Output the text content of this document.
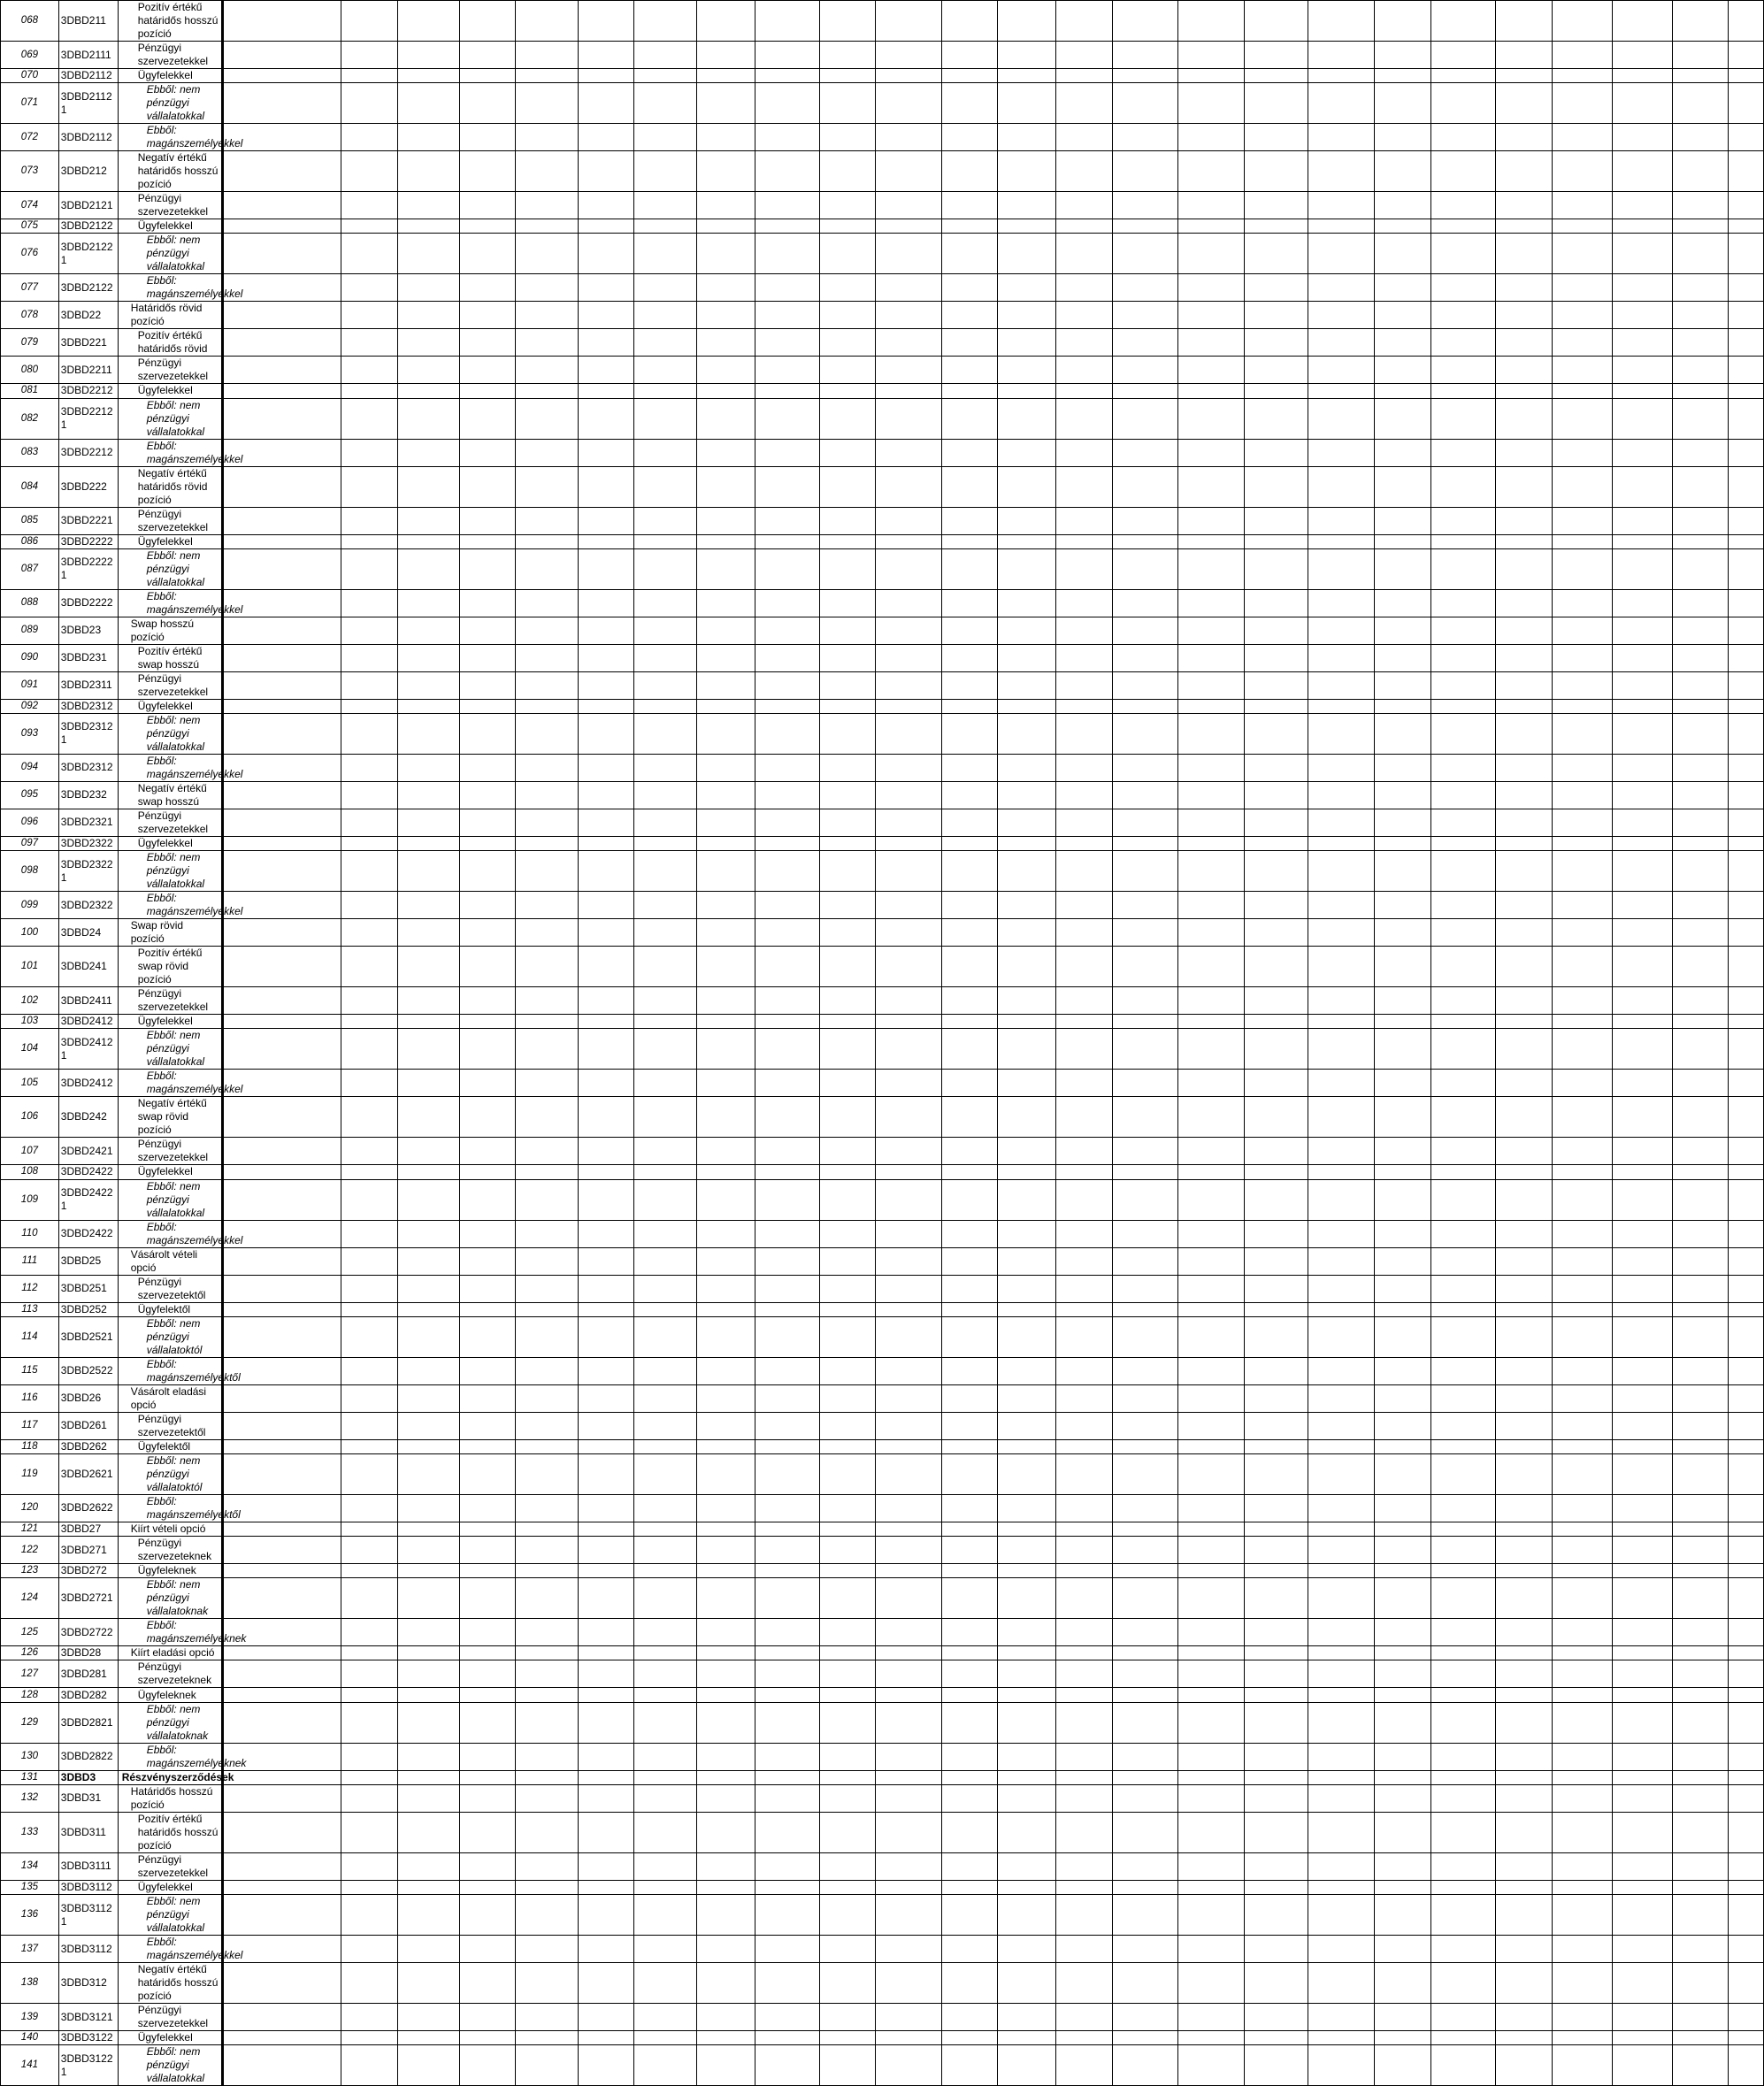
068	3DBD211	Pozitív értékű határidős hosszú pozíció																									
069	3DBD2111	Pénzügyi szervezetekkel																									
070	3DBD2112	Ügyfelekkel																									
071	3DBD2112 1	Ebből: nem pénzügyi vállalatokkal																									
072	3DBD2112	Ebből: magánszemélyekkel																									
073	3DBD212	Negatív értékű határidős hosszú pozíció																									
074	3DBD2121	Pénzügyi szervezetekkel																									
075	3DBD2122	Ügyfelekkel																									
076	3DBD2122 1	Ebből: nem pénzügyi vállalatokkal																									
077	3DBD2122	Ebből: magánszemélyekkel																									
078	3DBD22	Határidős rövid pozíció																									
079	3DBD221	Pozitív értékű határidős rövid																									
080	3DBD2211	Pénzügyi szervezetekkel																									
081	3DBD2212	Ügyfelekkel																									
082	3DBD2212 1	Ebből: nem pénzügyi vállalatokkal																									
083	3DBD2212	Ebből: magánszemélyekkel																									
084	3DBD222	Negatív értékű határidős rövid pozíció																									
085	3DBD2221	Pénzügyi szervezetekkel																									
086	3DBD2222	Ügyfelekkel																									
087	3DBD2222 1	Ebből: nem pénzügyi vállalatokkal																									
088	3DBD2222	Ebből: magánszemélyekkel																									
089	3DBD23	Swap hosszú pozíció																									
090	3DBD231	Pozitív értékű swap hosszú																									
091	3DBD2311	Pénzügyi szervezetekkel																									
092	3DBD2312	Ügyfelekkel																									
093	3DBD2312 1	Ebből: nem pénzügyi vállalatokkal																									
094	3DBD2312	Ebből: magánszemélyekkel																									
095	3DBD232	Negatív értékű swap hosszú																									
096	3DBD2321	Pénzügyi szervezetekkel																									
097	3DBD2322	Ügyfelekkel																									
098	3DBD2322 1	Ebből: nem pénzügyi vállalatokkal																									
099	3DBD2322	Ebből: magánszemélyekkel																									
100	3DBD24	Swap rövid pozíció																									
101	3DBD241	Pozitív értékű swap rövid pozíció																									
102	3DBD2411	Pénzügyi szervezetekkel																									
103	3DBD2412	Ügyfelekkel																									
104	3DBD2412 1	Ebből: nem pénzügyi vállalatokkal																									
105	3DBD2412	Ebből: magánszemélyekkel																									
106	3DBD242	Negatív értékű swap rövid pozíció																									
107	3DBD2421	Pénzügyi szervezetekkel																									
108	3DBD2422	Ügyfelekkel																									
109	3DBD2422 1	Ebből: nem pénzügyi vállalatokkal																									
110	3DBD2422	Ebből: magánszemélyekkel																									
111	3DBD25	Vásárolt vételi opció																									
112	3DBD251	Pénzügyi szervezetektől																									
113	3DBD252	Ügyfelektől																									
114	3DBD2521	Ebből: nem pénzügyi vállalatoktól																									
115	3DBD2522	Ebből: magánszemélyektől																									
116	3DBD26	Vásárolt eladási opció																									
117	3DBD261	Pénzügyi szervezetektől																									
118	3DBD262	Ügyfelektől																									
119	3DBD2621	Ebből: nem pénzügyi vállalatoktól																									
120	3DBD2622	Ebből: magánszemélyektől																									
121	3DBD27	Kiírt vételi opció																									
122	3DBD271	Pénzügyi szervezeteknek																									
123	3DBD272	Ügyfeleknek																									
124	3DBD2721	Ebből: nem pénzügyi vállalatoknak																									
125	3DBD2722	Ebből: magánszemélyeknek																									
126	3DBD28	Kiírt eladási opció																									
127	3DBD281	Pénzügyi szervezeteknek																									
128	3DBD282	Ügyfeleknek																									
129	3DBD2821	Ebből: nem pénzügyi vállalatoknak																									
130	3DBD2822	Ebből: magánszemélyeknek																									
131	3DBD3	Részvényszerződések																									
132	3DBD31	Határidős hosszú pozíció																									
133	3DBD311	Pozitív értékű határidős hosszú pozíció																									
134	3DBD3111	Pénzügyi szervezetekkel																									
135	3DBD3112	Ügyfelekkel																									
136	3DBD3112 1	Ebből: nem pénzügyi vállalatokkal																									
137	3DBD3112	Ebből: magánszemélyekkel																									
138	3DBD312	Negatív értékű határidős hosszú pozíció																									
139	3DBD3121	Pénzügyi szervezetekkel																									
140	3DBD3122	Ügyfelekkel																									
141	3DBD3122 1	Ebből: nem pénzügyi vállalatokkal																									
